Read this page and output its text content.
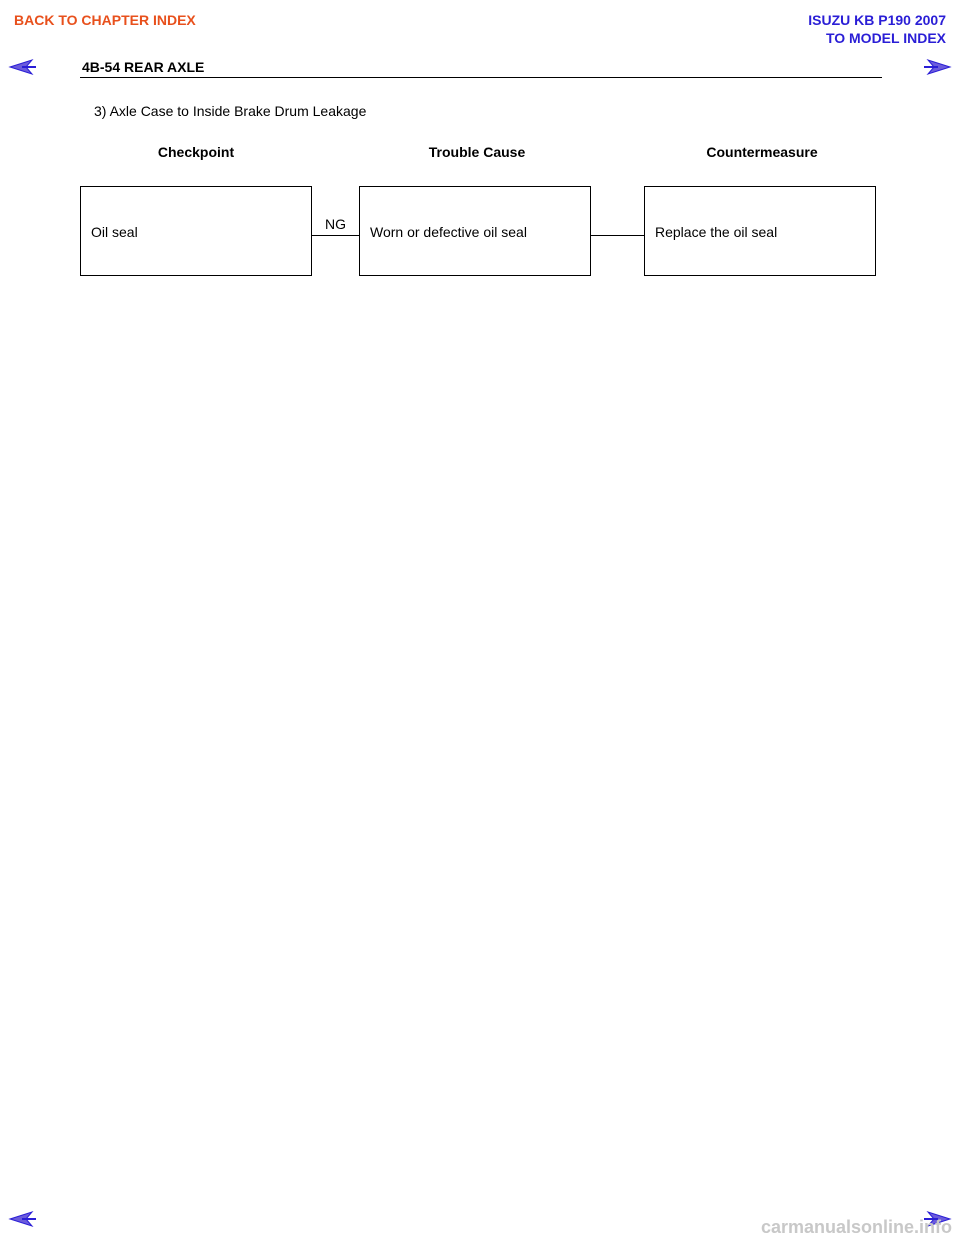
BACK TO CHAPTER INDEX	ISUZU KB P190 2007
TO MODEL INDEX
4B-54 REAR AXLE
3) Axle Case to Inside Brake Drum Leakage
Checkpoint	Trouble Cause	Countermeasure
Oil seal	NG Worn or defective oil seal	Replace the oil seal
carmanualsonline.info
